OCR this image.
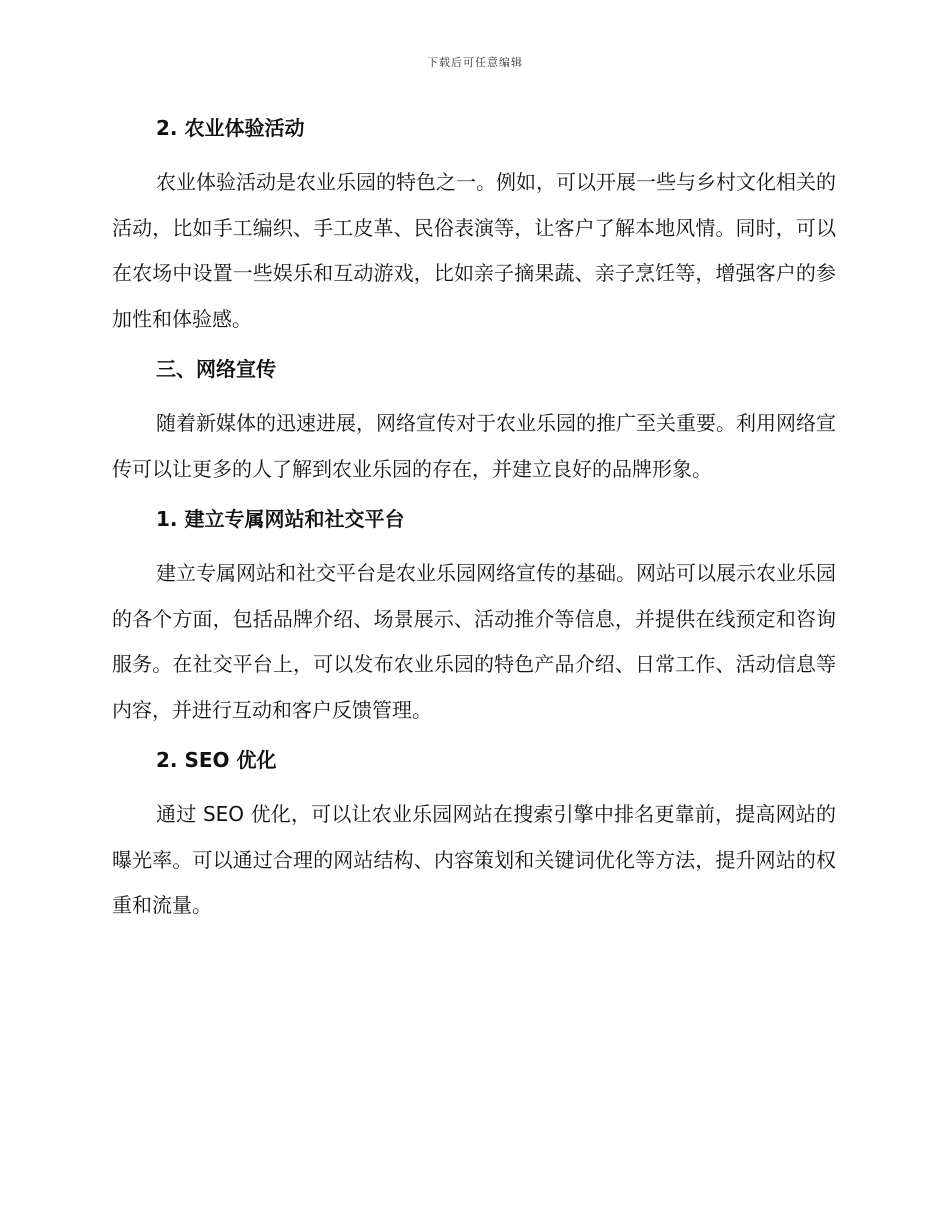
下载后可任意编辑
2. 农业体验活动

农业体验活动是农业乐园的特色之一。例如，可以开展一些与乡村文化相关的活动，比如手工编织、手工皮革、民俗表演等，让客户了解本地风情。同时，可以在农场中设置一些娱乐和互动游戏，比如亲子摘果蔬、亲子烹饪等，增强客户的参加性和体验感。

三、网络宣传

随着新媒体的迅速进展，网络宣传对于农业乐园的推广至关重要。利用网络宣传可以让更多的人了解到农业乐园的存在，并建立良好的品牌形象。

1. 建立专属网站和社交平台

建立专属网站和社交平台是农业乐园网络宣传的基础。网站可以展示农业乐园的各个方面，包括品牌介绍、场景展示、活动推介等信息，并提供在线预定和咨询服务。在社交平台上，可以发布农业乐园的特色产品介绍、日常工作、活动信息等内容，并进行互动和客户反馈管理。

2. SEO 优化

通过 SEO 优化，可以让农业乐园网站在搜索引擎中排名更靠前，提高网站的曝光率。可以通过合理的网站结构、内容策划和关键词优化等方法，提升网站的权重和流量。
